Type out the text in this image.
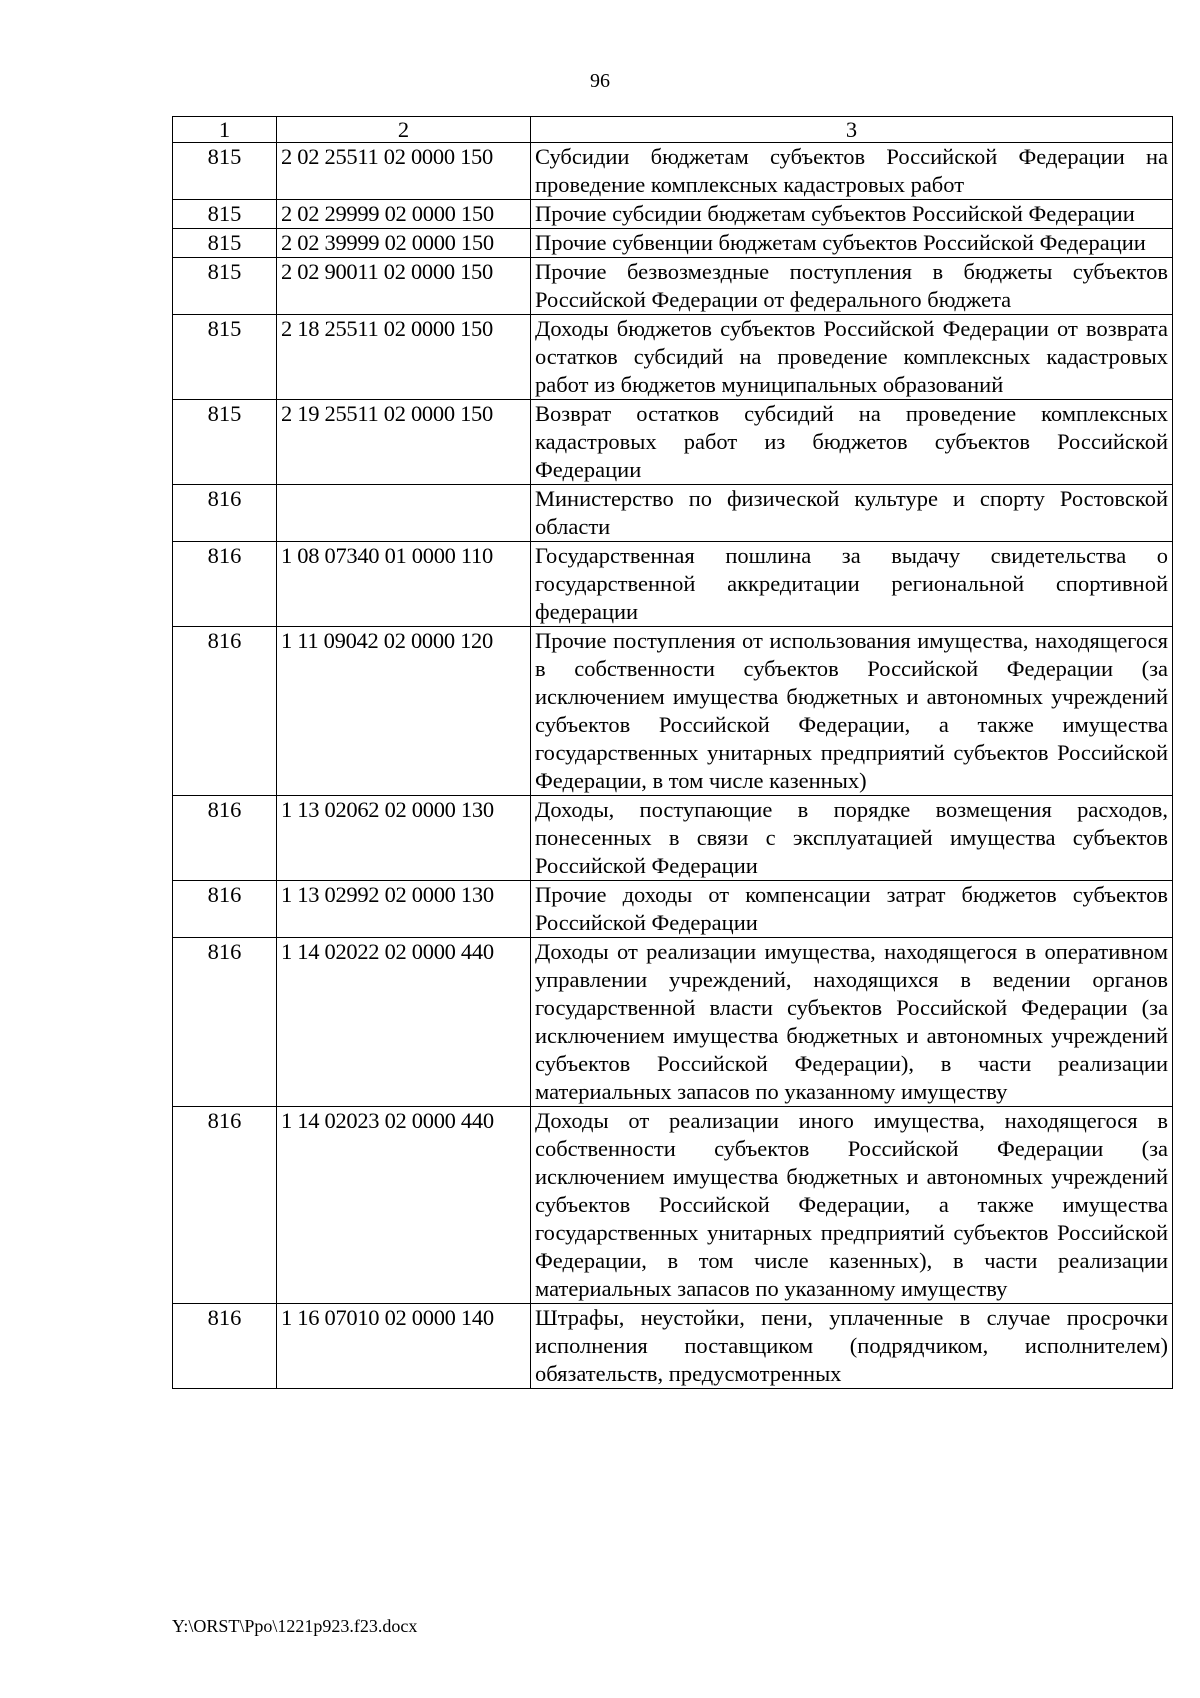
96
1	2	3
815	2 02 25511 02 0000 150	Субсидии бюджетам субъектов Российской Федерации на проведение комплексных кадастровых работ
815	2 02 29999 02 0000 150	Прочие субсидии бюджетам субъектов Российской Федерации
815	2 02 39999 02 0000 150	Прочие субвенции бюджетам субъектов Российской Федерации
815	2 02 90011 02 0000 150	Прочие безвозмездные поступления в бюджеты субъектов Российской Федерации от федерального бюджета
815	2 18 25511 02 0000 150	Доходы бюджетов субъектов Российской Федерации от возврата остатков субсидий на проведение комплексных кадастровых работ из бюджетов муниципальных образований
815	2 19 25511 02 0000 150	Возврат остатков субсидий на проведение комплексных кадастровых работ из бюджетов субъектов Российской Федерации
816		Министерство по физической культуре и спорту Ростовской области
816	1 08 07340 01 0000 110	Государственная пошлина за выдачу свидетельства о государственной аккредитации региональной спортивной федерации
816	1 11 09042 02 0000 120	Прочие поступления от использования имущества, находящегося в собственности субъектов Российской Федерации (за исключением имущества бюджетных и автономных учреждений субъектов Российской Федерации, а также имущества государственных унитарных предприятий субъектов Российской Федерации, в том числе казенных)
816	1 13 02062 02 0000 130	Доходы, поступающие в порядке возмещения расходов, понесенных в связи с эксплуатацией имущества субъектов Российской Федерации
816	1 13 02992 02 0000 130	Прочие доходы от компенсации затрат бюджетов субъектов Российской Федерации
816	1 14 02022 02 0000 440	Доходы от реализации имущества, находящегося в оперативном управлении учреждений, находящихся в ведении органов государственной власти субъектов Российской Федерации (за исключением имущества бюджетных и автономных учреждений субъектов Российской Федерации), в части реализации материальных запасов по указанному имуществу
816	1 14 02023 02 0000 440	Доходы от реализации иного имущества, находящегося в собственности субъектов Российской Федерации (за исключением имущества бюджетных и автономных учреждений субъектов Российской Федерации, а также имущества государственных унитарных предприятий субъектов Российской Федерации, в том числе казенных), в части реализации материальных запасов по указанному имуществу
816	1 16 07010 02 0000 140	Штрафы, неустойки, пени, уплаченные в случае просрочки исполнения поставщиком (подрядчиком, исполнителем) обязательств, предусмотренных
Y:\ORST\Ppo\1221p923.f23.docx
